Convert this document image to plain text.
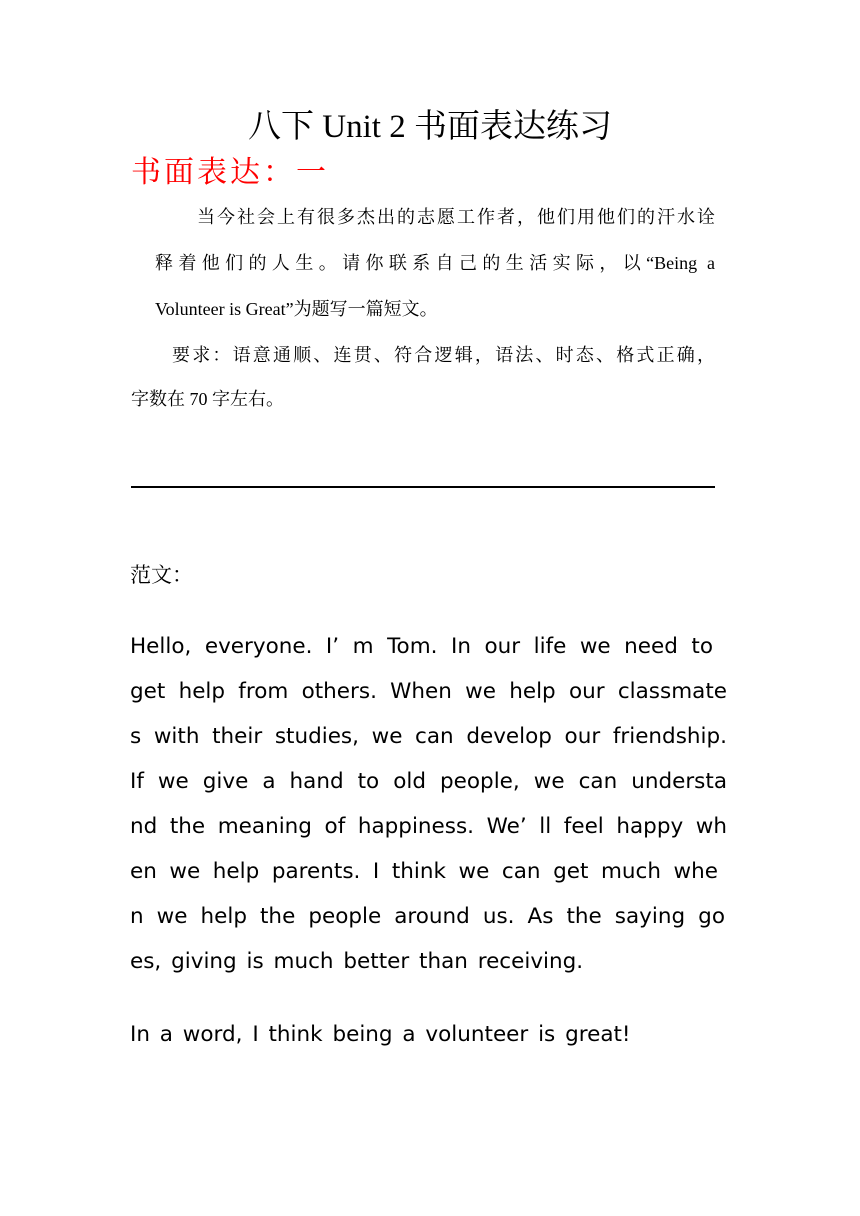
八下 Unit 2 书面表达练习
书面表达：一
当今社会上有很多杰出的志愿工作者，他们用他们的汗水诠
释着他们的人生。请你联系自己的生活实际，以“Being a
Volunteer is Great”为题写一篇短文。
要求：语意通顺、连贯、符合逻辑，语法、时态、格式正确，
字数在 70 字左右。
范文：
Hello, everyone. I’ m Tom. In our life we need to
get help from others. When we help our classmate
s with their studies, we can develop our friendship.
If we give a hand to old people, we can understa
nd the meaning of happiness. We’ ll feel happy wh
en we help parents. I think we can get much whe
n we help the people around us. As the saying go
es, giving is much better than receiving.
In a word, I think being a volunteer is great!
